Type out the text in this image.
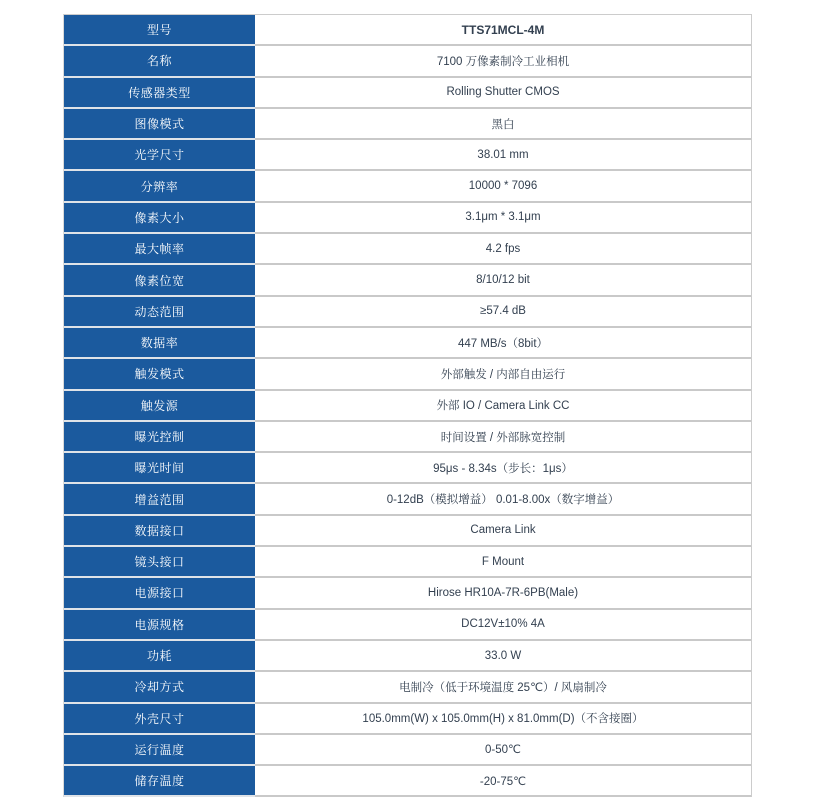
型号	TTS71MCL-4M
名称	7100 万像素制冷工业相机
传感器类型	Rolling Shutter CMOS
图像模式	黑白
光学尺寸	38.01 mm
分辨率	10000 * 7096
像素大小	3.1μm * 3.1μm
最大帧率	4.2 fps
像素位宽	8/10/12 bit
动态范围	≥57.4 dB
数据率	447 MB/s（8bit）
触发模式	外部触发 / 内部自由运行
触发源	外部 IO / Camera Link CC
曝光控制	时间设置 / 外部脉宽控制
曝光时间	95μs - 8.34s（步长：1μs）
增益范围	0-12dB（模拟增益） 0.01-8.00x（数字增益）
数据接口	Camera Link
镜头接口	F Mount
电源接口	Hirose HR10A-7R-6PB(Male)
电源规格	DC12V±10% 4A
功耗	33.0 W
冷却方式	电制冷（低于环境温度 25℃）/ 风扇制冷
外壳尺寸	105.0mm(W) x 105.0mm(H) x 81.0mm(D)（不含接圈）
运行温度	0-50℃
储存温度	-20-75℃
